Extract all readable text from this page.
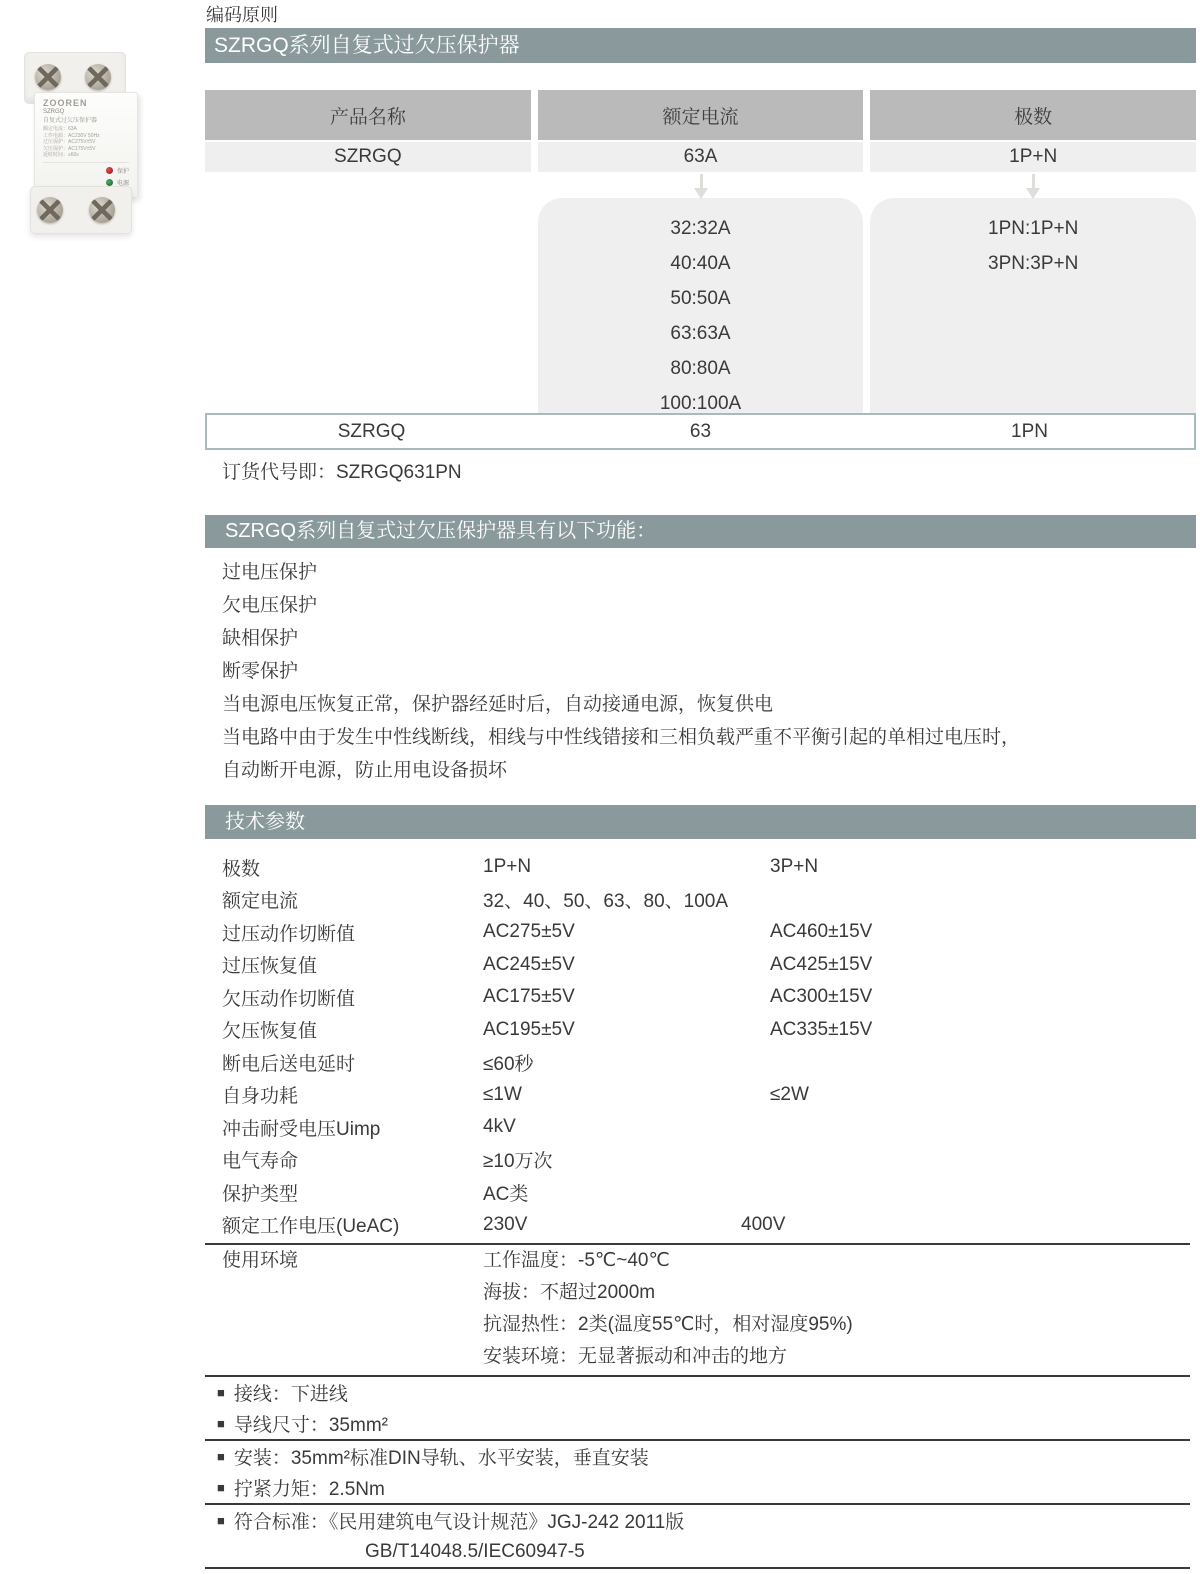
ZOOREN
SZRGQ
自复式过欠压保护器
额定电流：63A
工作电源：AC230V 50Hz
过压保护：AC275V±5V
欠压保护：AC175V±5V
延时时间：≤60s
保护
电源
编码原则
SZRGQ系列自复式过欠压保护器
产品名称	额定电流	极数
SZRGQ	63A	1P+N
32:32A
40:40A
50:50A
63:63A
80:80A
100:100A
1PN:1P+N
3PN:3P+N
SZRGQ	63	1PN
订货代号即：SZRGQ631PN
SZRGQ系列自复式过欠压保护器具有以下功能：
过电压保护
欠电压保护
缺相保护
断零保护
当电源电压恢复正常，保护器经延时后，自动接通电源，恢复供电
当电路中由于发生中性线断线，相线与中性线错接和三相负载严重不平衡引起的单相过电压时，
自动断开电源，防止用电设备损坏
技术参数
极数	1P+N	3P+N
额定电流	32、40、50、63、80、100A
过压动作切断值	AC275±5V	AC460±15V
过压恢复值	AC245±5V	AC425±15V
欠压动作切断值	AC175±5V	AC300±15V
欠压恢复值	AC195±5V	AC335±15V
断电后送电延时	≤60秒
自身功耗	≤1W	≤2W
冲击耐受电压Uimp	4kV
电气寿命	≥10万次
保护类型	AC类
额定工作电压(UeAC)	230V	400V
使用环境	工作温度：-5℃~40℃
海拔：不超过2000m
抗湿热性：2类(温度55℃时，相对湿度95%)
安装环境：无显著振动和冲击的地方
■ 接线：下进线
■ 导线尺寸：35mm²
■ 安装：35mm²标准DIN导轨、水平安装，垂直安装
■ 拧紧力矩：2.5Nm
■ 符合标准：《民用建筑电气设计规范》JGJ-242 2011版
GB/T14048.5/IEC60947-5
